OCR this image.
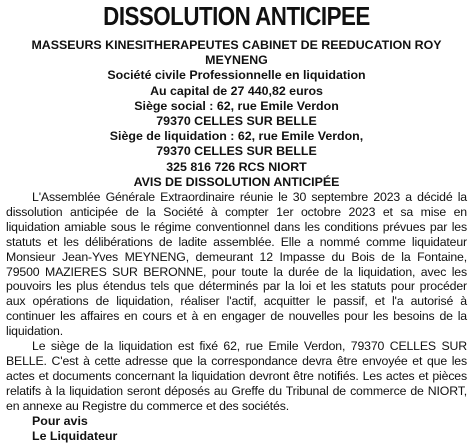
DISSOLUTION ANTICIPEE
MASSEURS KINESITHERAPEUTES CABINET DE REEDUCATION ROY
MEYNENG
Société civile Professionnelle en liquidation
Au capital de 27 440,82 euros
Siège social : 62, rue Emile Verdon
79370 CELLES SUR BELLE
Siège de liquidation : 62, rue Emile Verdon,
79370 CELLES SUR BELLE
325 816 726 RCS NIORT
AVIS DE DISSOLUTION ANTICIPÉE

L'Assemblée Générale Extraordinaire réunie le 30 septembre 2023 a décidé la dissolution anticipée de la Société à compter 1er octobre 2023 et sa mise en liquidation amiable sous le régime conventionnel dans les conditions prévues par les statuts et les délibérations de ladite assemblée. Elle a nommé comme liquidateur Monsieur Jean-Yves MEYNENG, demeurant 12 Impasse du Bois de la Fontaine, 79500 MAZIERES SUR BERONNE, pour toute la durée de la liquidation, avec les pouvoirs les plus étendus tels que déterminés par la loi et les statuts pour procéder aux opérations de liquidation, réaliser l'actif, acquitter le passif, et l'a autorisé à continuer les affaires en cours et à en engager de nouvelles pour les besoins de la liquidation.

Le siège de la liquidation est fixé 62, rue Emile Verdon, 79370 CELLES SUR BELLE. C'est à cette adresse que la correspondance devra être envoyée et que les actes et documents concernant la liquidation devront être notifiés. Les actes et pièces relatifs à la liquidation seront déposés au Greffe du Tribunal de commerce de NIORT, en annexe au Registre du commerce et des sociétés.

Pour avis
Le Liquidateur
